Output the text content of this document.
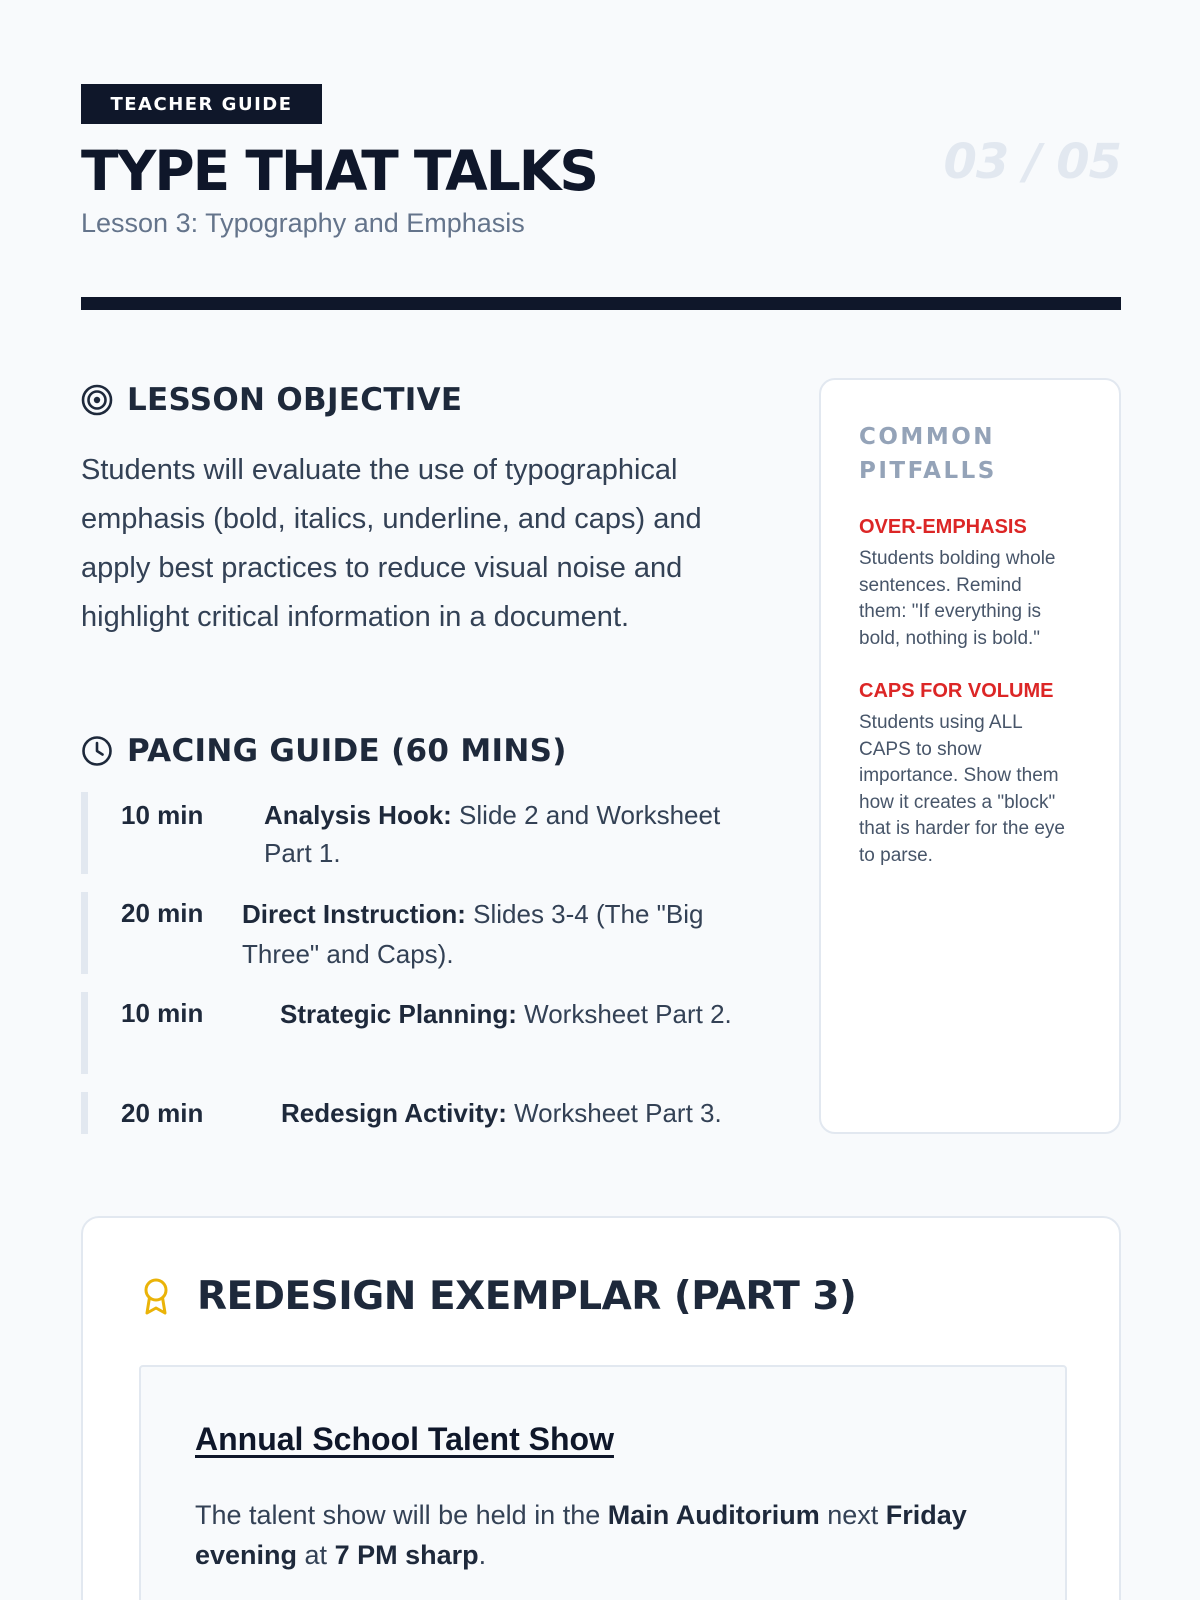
TEACHER GUIDE
TYPE THAT TALKS
Lesson 3: Typography and Emphasis
03 / 05
LESSON OBJECTIVE
Students will evaluate the use of typographical emphasis (bold, italics, underline, and caps) and apply best practices to reduce visual noise and highlight critical information in a document.
PACING GUIDE (60 MINS)
10 min Analysis Hook: Slide 2 and Worksheet Part 1.
20 min Direct Instruction: Slides 3-4 (The "Big Three" and Caps).
10 min	Strategic Planning: Worksheet Part 2.
20 min	Redesign Activity: Worksheet Part 3.
COMMON PITFALLS
OVER-EMPHASIS
Students bolding whole sentences. Remind them: "If everything is bold, nothing is bold."
CAPS FOR VOLUME
Students using ALL CAPS to show importance. Show them how it creates a "block" that is harder for the eye to parse.
REDESIGN EXEMPLAR (PART 3)
Annual School Talent Show
The talent show will be held in the Main Auditorium next Friday evening at 7 PM sharp.
